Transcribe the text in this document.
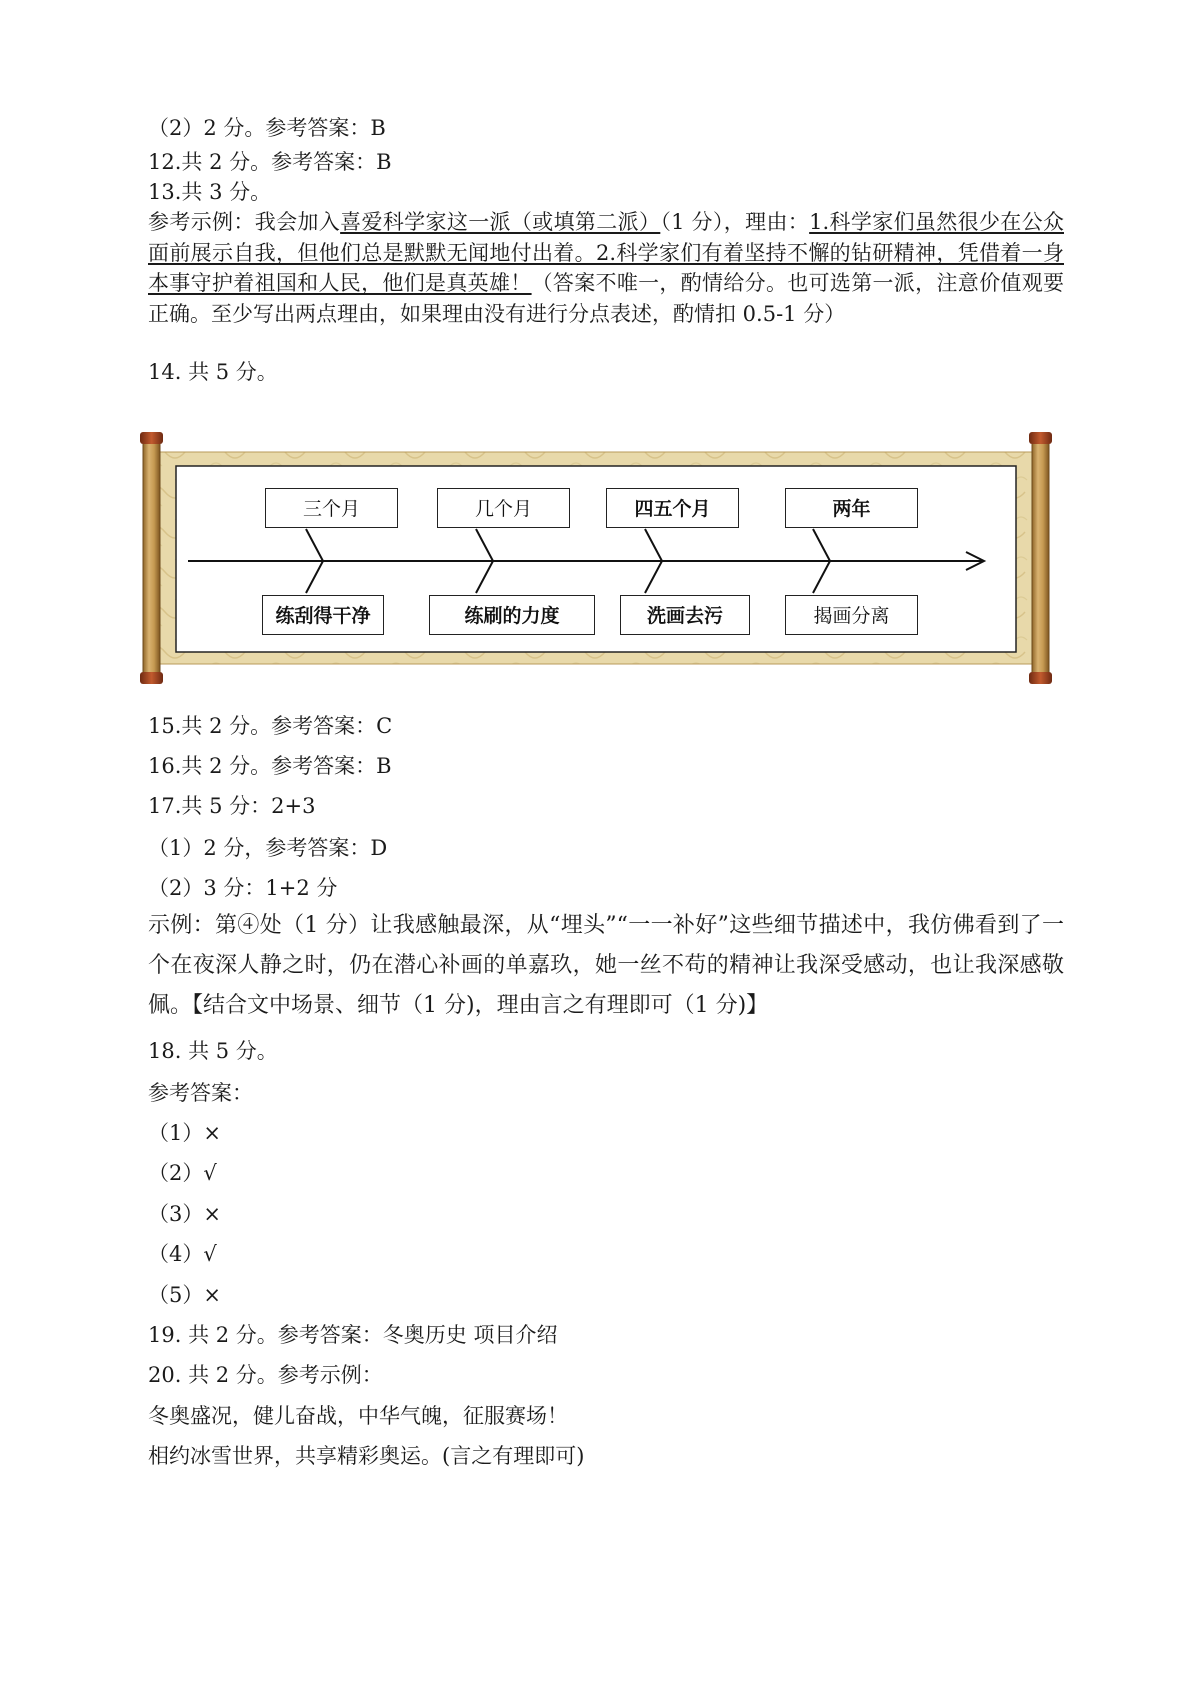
（2）2 分。参考答案：B
12.共 2 分。参考答案：B
13.共 3 分。
参考示例：我会加入喜爱科学家这一派（或填第二派）（1 分），理由：1.科学家们虽然很少在公众面前展示自我，但他们总是默默无闻地付出着。2.科学家们有着坚持不懈的钻研精神，凭借着一身本事守护着祖国和人民，他们是真英雄！（答案不唯一，酌情给分。也可选第一派，注意价值观要正确。至少写出两点理由，如果理由没有进行分点表述，酌情扣 0.5-1 分）
14. 共 5 分。
三个月	几个月	四五个月	两年
练刮得干净	练刷的力度	洗画去污	揭画分离
15.共 2 分。参考答案：C
16.共 2 分。参考答案：B
17.共 5 分：2+3
（1）2 分，参考答案：D
（2）3 分：1+2 分
示例：第④处（1 分）让我感触最深，从“埋头”“一一补好”这些细节描述中，我仿佛看到了一个在夜深人静之时，仍在潜心补画的单嘉玖，她一丝不苟的精神让我深受感动，也让我深感敬佩。【结合文中场景、细节（1 分)，理由言之有理即可（1 分)】
18. 共 5 分。
参考答案：
（1）×
（2）√
（3）×
（4）√
（5）×
19. 共 2 分。参考答案：冬奥历史 项目介绍
20. 共 2 分。参考示例：
冬奥盛况，健儿奋战，中华气魄，征服赛场！
相约冰雪世界，共享精彩奥运。(言之有理即可)
